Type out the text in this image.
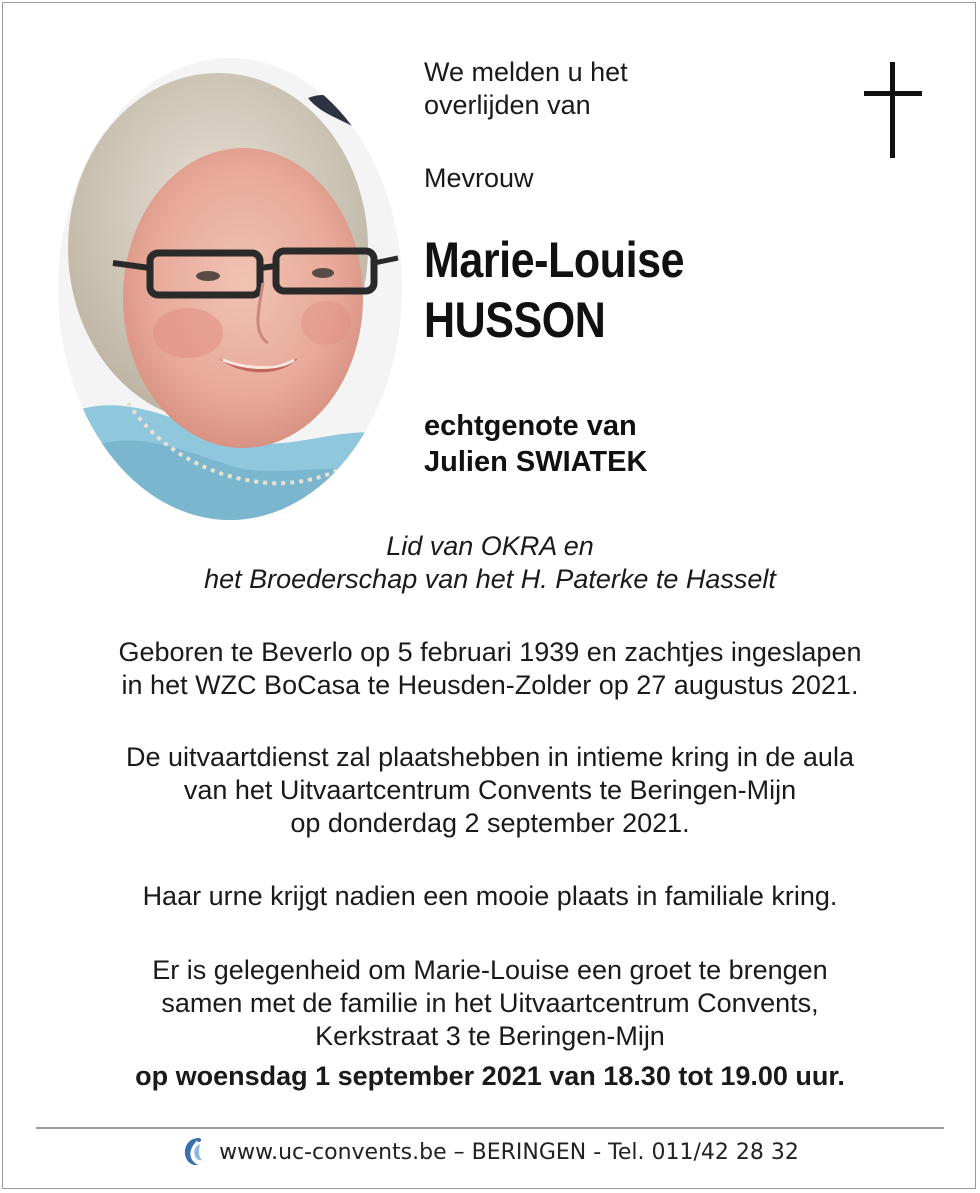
We melden u het
overlijden van
Mevrouw
Marie-Louise
HUSSON
echtgenote van
Julien SWIATEK
Lid van OKRA en
het Broederschap van het H. Paterke te Hasselt
Geboren te Beverlo op 5 februari 1939 en zachtjes ingeslapen
in het WZC BoCasa te Heusden-Zolder op 27 augustus 2021.
De uitvaartdienst zal plaatshebben in intieme kring in de aula
van het Uitvaartcentrum Convents te Beringen-Mijn
op donderdag 2 september 2021.
Haar urne krijgt nadien een mooie plaats in familiale kring.
Er is gelegenheid om Marie-Louise een groet te brengen
samen met de familie in het Uitvaartcentrum Convents,
Kerkstraat 3 te Beringen-Mijn
op woensdag 1 september 2021 van 18.30 tot 19.00 uur.
www.uc-convents.be – BERINGEN - Tel. 011/42 28 32
